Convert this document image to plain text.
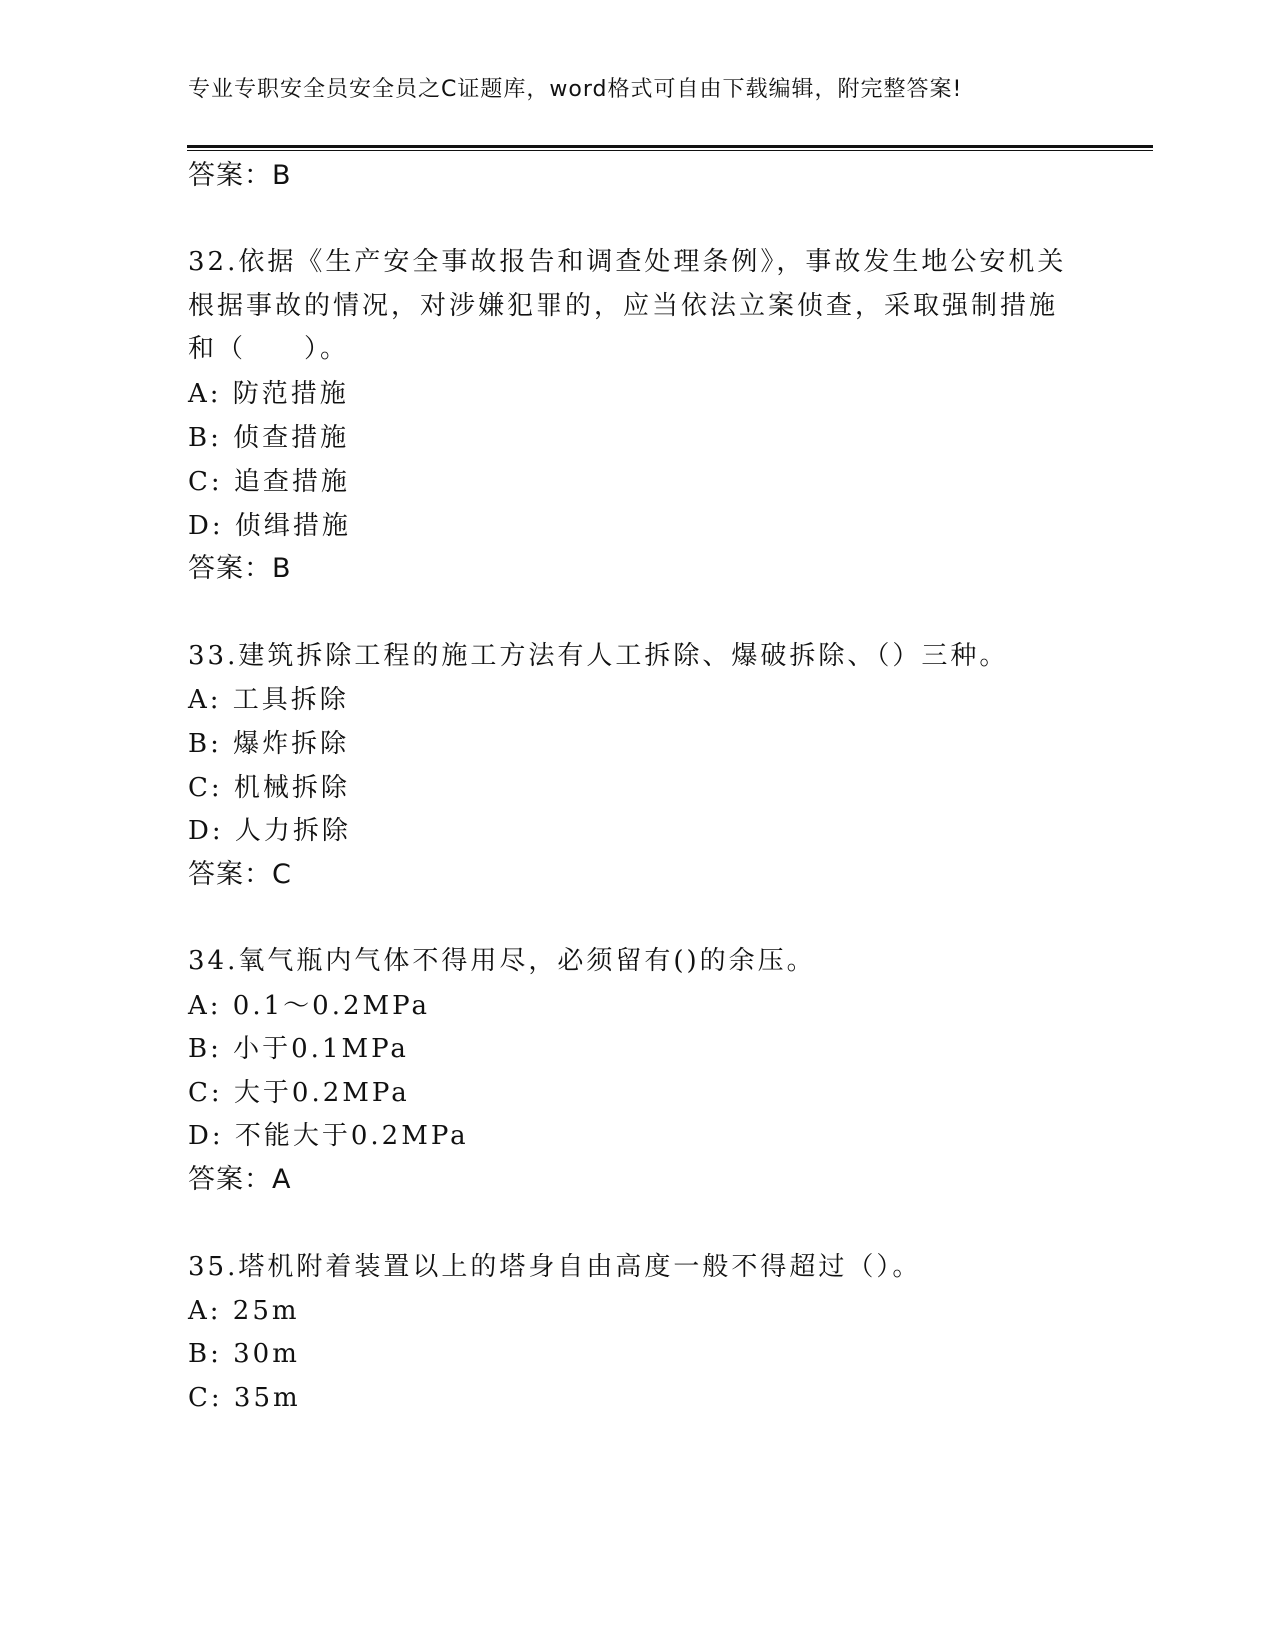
专业专职安全员安全员之C证题库，word格式可自由下载编辑，附完整答案!
答案：B
32.依据《生产安全事故报告和调查处理条例》，事故发生地公安机关
根据事故的情况，对涉嫌犯罪的，应当依法立案侦查，采取强制措施
和（　　）。
A: 防范措施
B: 侦查措施
C: 追查措施
D: 侦缉措施
答案：B
33.建筑拆除工程的施工方法有人工拆除、爆破拆除、（）三种。
A: 工具拆除
B: 爆炸拆除
C: 机械拆除
D: 人力拆除
答案：C
34.氧气瓶内气体不得用尽，必须留有()的余压。
A: 0.1～0.2MPa
B: 小于0.1MPa
C: 大于0.2MPa
D: 不能大于0.2MPa
答案：A
35.塔机附着装置以上的塔身自由高度一般不得超过（）。
A: 25m
B: 30m
C: 35m
